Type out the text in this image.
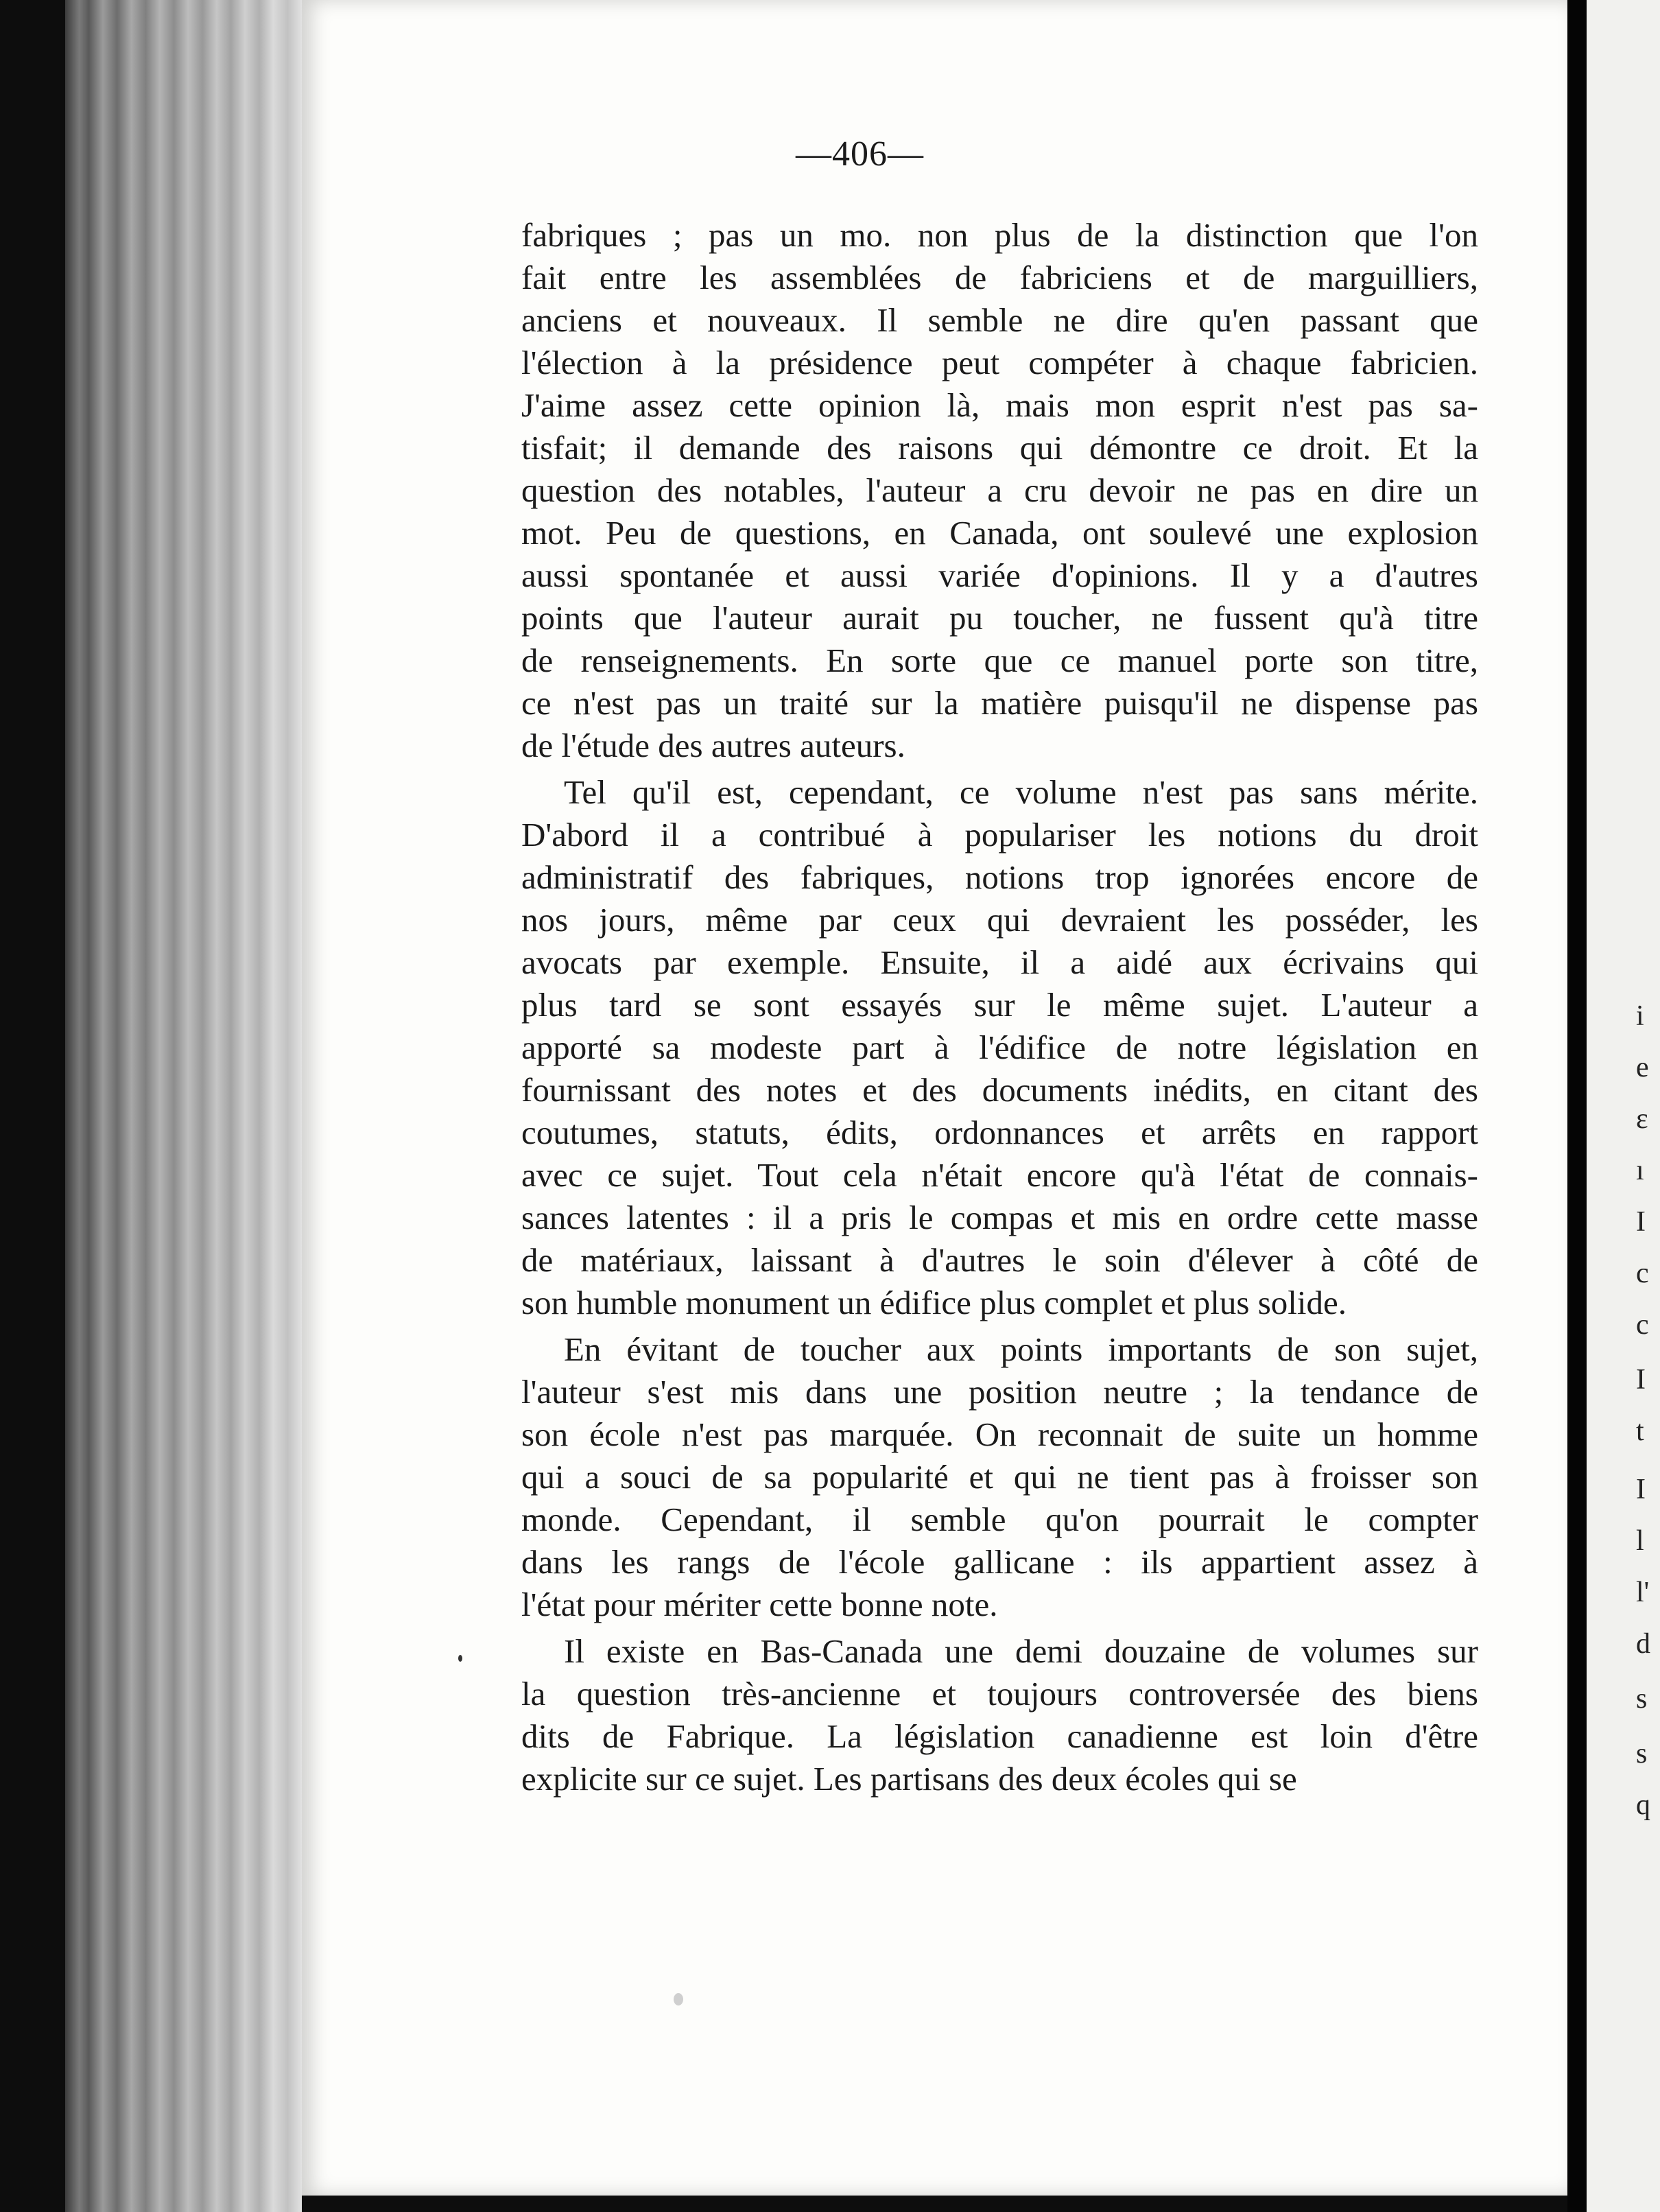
—406—
fabriques ; pas un mo. non plus de la distinction que l'on
fait entre les assemblées de fabriciens et de marguilliers,
anciens et nouveaux. Il semble ne dire qu'en passant que
l'élection à la présidence peut compéter à chaque fabricien.
J'aime assez cette opinion là, mais mon esprit n'est pas sa-
tisfait; il demande des raisons qui démontre ce droit. Et la
question des notables, l'auteur a cru devoir ne pas en dire un
mot. Peu de questions, en Canada, ont soulevé une explosion
aussi spontanée et aussi variée d'opinions. Il y a d'autres
points que l'auteur aurait pu toucher, ne fussent qu'à titre
de renseignements. En sorte que ce manuel porte son titre,
ce n'est pas un traité sur la matière puisqu'il ne dispense pas
de l'étude des autres auteurs.
Tel qu'il est, cependant, ce volume n'est pas sans mérite.
D'abord il a contribué à populariser les notions du droit
administratif des fabriques, notions trop ignorées encore de
nos jours, même par ceux qui devraient les posséder, les
avocats par exemple. Ensuite, il a aidé aux écrivains qui
plus tard se sont essayés sur le même sujet. L'auteur a
apporté sa modeste part à l'édifice de notre législation en
fournissant des notes et des documents inédits, en citant des
coutumes, statuts, édits, ordonnances et arrêts en rapport
avec ce sujet. Tout cela n'était encore qu'à l'état de connais-
sances latentes : il a pris le compas et mis en ordre cette masse
de matériaux, laissant à d'autres le soin d'élever à côté de
son humble monument un édifice plus complet et plus solide.
En évitant de toucher aux points importants de son sujet,
l'auteur s'est mis dans une position neutre ; la tendance de
son école n'est pas marquée. On reconnait de suite un homme
qui a souci de sa popularité et qui ne tient pas à froisser son
monde. Cependant, il semble qu'on pourrait le compter
dans les rangs de l'école gallicane : ils appartient assez à
l'état pour mériter cette bonne note.
Il existe en Bas-Canada une demi douzaine de volumes sur
la question très-ancienne et toujours controversée des biens
dits de Fabrique. La législation canadienne est loin d'être
explicite sur ce sujet. Les partisans des deux écoles qui se
i
e
ε
ı
I
c
c
I
t
I
l
l'
d
s
s
q
